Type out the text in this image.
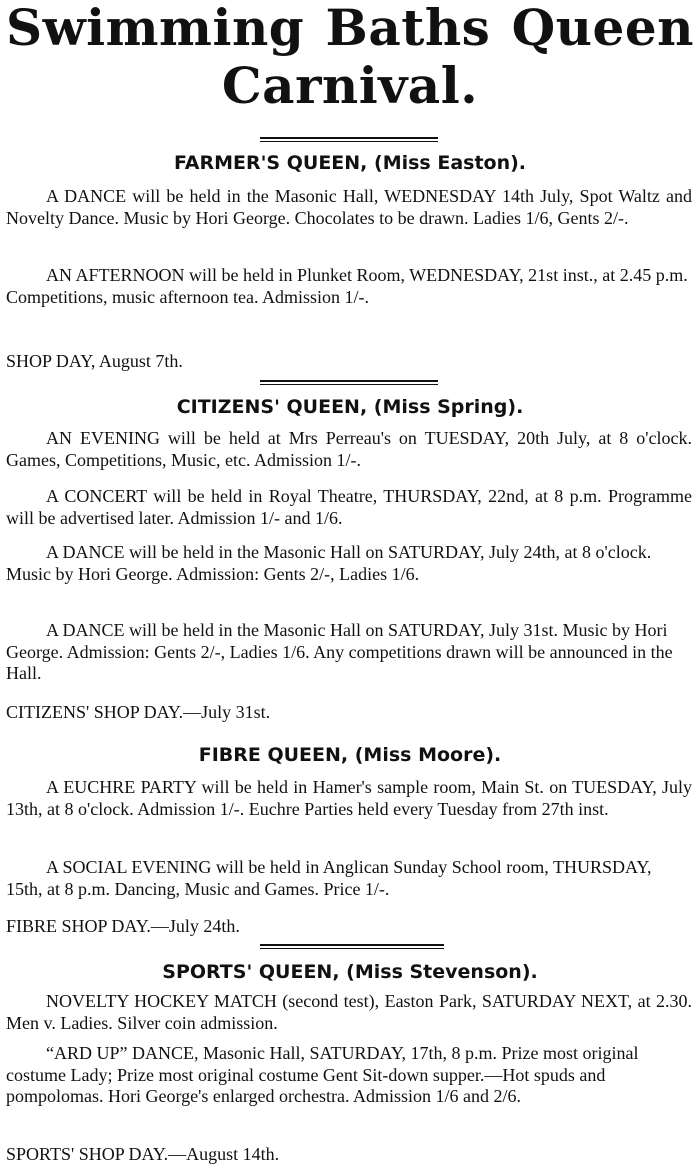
Swimming Baths Queen
Carnival.
FARMER'S QUEEN, (Miss Easton).

A DANCE will be held in the Masonic Hall, WEDNESDAY 14th July, Spot Waltz and Novelty Dance. Music by Hori George. Chocolates to be drawn. Ladies 1/6, Gents 2/-.

AN AFTERNOON will be held in Plunket Room, WEDNESDAY, 21st inst., at 2.45 p.m. Competitions, music afternoon tea. Admission 1/-.

SHOP DAY, August 7th.

CITIZENS' QUEEN, (Miss Spring).

AN EVENING will be held at Mrs Perreau's on TUESDAY, 20th July, at 8 o'clock. Games, Competitions, Music, etc. Admission 1/-.

A CONCERT will be held in Royal Theatre, THURSDAY, 22nd, at 8 p.m. Programme will be advertised later. Admission 1/- and 1/6.

A DANCE will be held in the Masonic Hall on SATURDAY, July 24th, at 8 o'clock. Music by Hori George. Admission: Gents 2/-, Ladies 1/6.

A DANCE will be held in the Masonic Hall on SATURDAY, July 31st. Music by Hori George. Admission: Gents 2/-, Ladies 1/6. Any competitions drawn will be announced in the Hall.

CITIZENS' SHOP DAY.—July 31st.

FIBRE QUEEN, (Miss Moore).

A EUCHRE PARTY will be held in Hamer's sample room, Main St. on TUESDAY, July 13th, at 8 o'clock. Admission 1/-. Euchre Parties held every Tuesday from 27th inst.

A SOCIAL EVENING will be held in Anglican Sunday School room, THURSDAY, 15th, at 8 p.m. Dancing, Music and Games. Price 1/-.

FIBRE SHOP DAY.—July 24th.

SPORTS' QUEEN, (Miss Stevenson).

NOVELTY HOCKEY MATCH (second test), Easton Park, SATURDAY NEXT, at 2.30. Men v. Ladies. Silver coin admission.

“ARD UP” DANCE, Masonic Hall, SATURDAY, 17th, 8 p.m. Prize most original costume Lady; Prize most original costume Gent Sit-down supper.—Hot spuds and pompolomas. Hori George's enlarged orchestra. Admission 1/6 and 2/6.

SPORTS' SHOP DAY.—August 14th.
